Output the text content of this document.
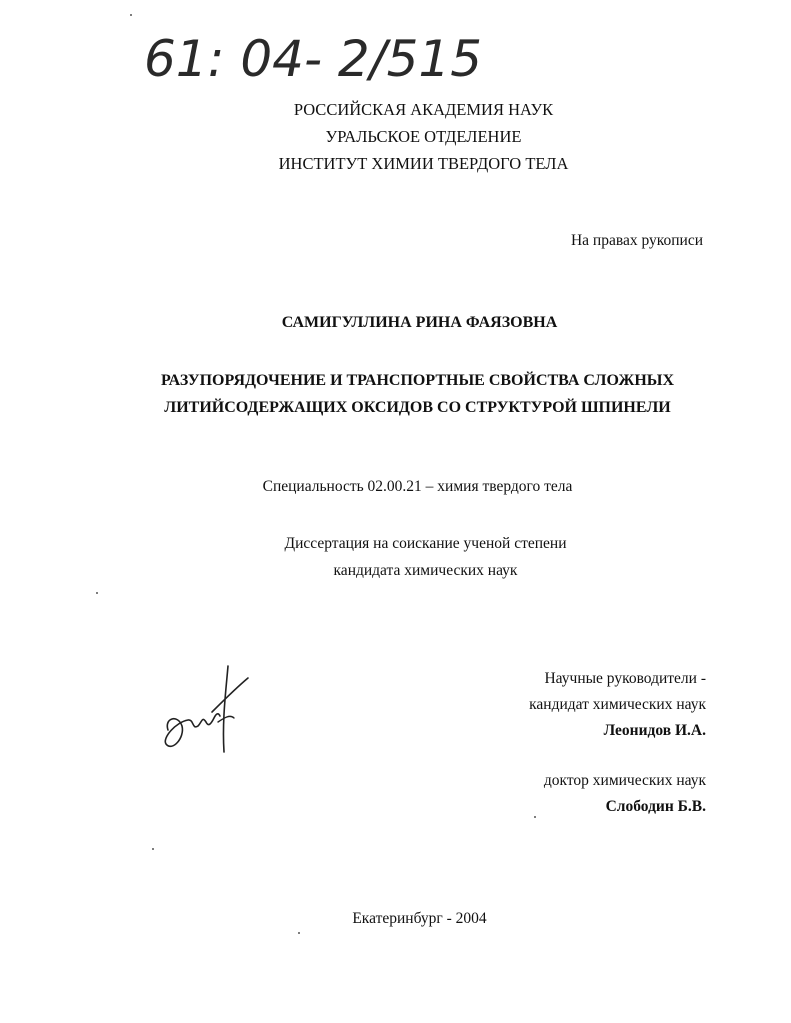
61: 04- 2/515
РОССИЙСКАЯ АКАДЕМИЯ НАУК
УРАЛЬСКОЕ ОТДЕЛЕНИЕ
ИНСТИТУТ ХИМИИ ТВЕРДОГО ТЕЛА
На правах рукописи
САМИГУЛЛИНА РИНА ФАЯЗОВНА
РАЗУПОРЯДОЧЕНИЕ И ТРАНСПОРТНЫЕ СВОЙСТВА СЛОЖНЫХ
ЛИТИЙСОДЕРЖАЩИХ ОКСИДОВ СО СТРУКТУРОЙ ШПИНЕЛИ
Специальность 02.00.21 – химия твердого тела
Диссертация на соискание ученой степени
кандидата химических наук
Научные руководители -
кандидат химических наук
Леонидов И.А.
доктор химических наук
Слободин Б.В.
Екатеринбург - 2004
